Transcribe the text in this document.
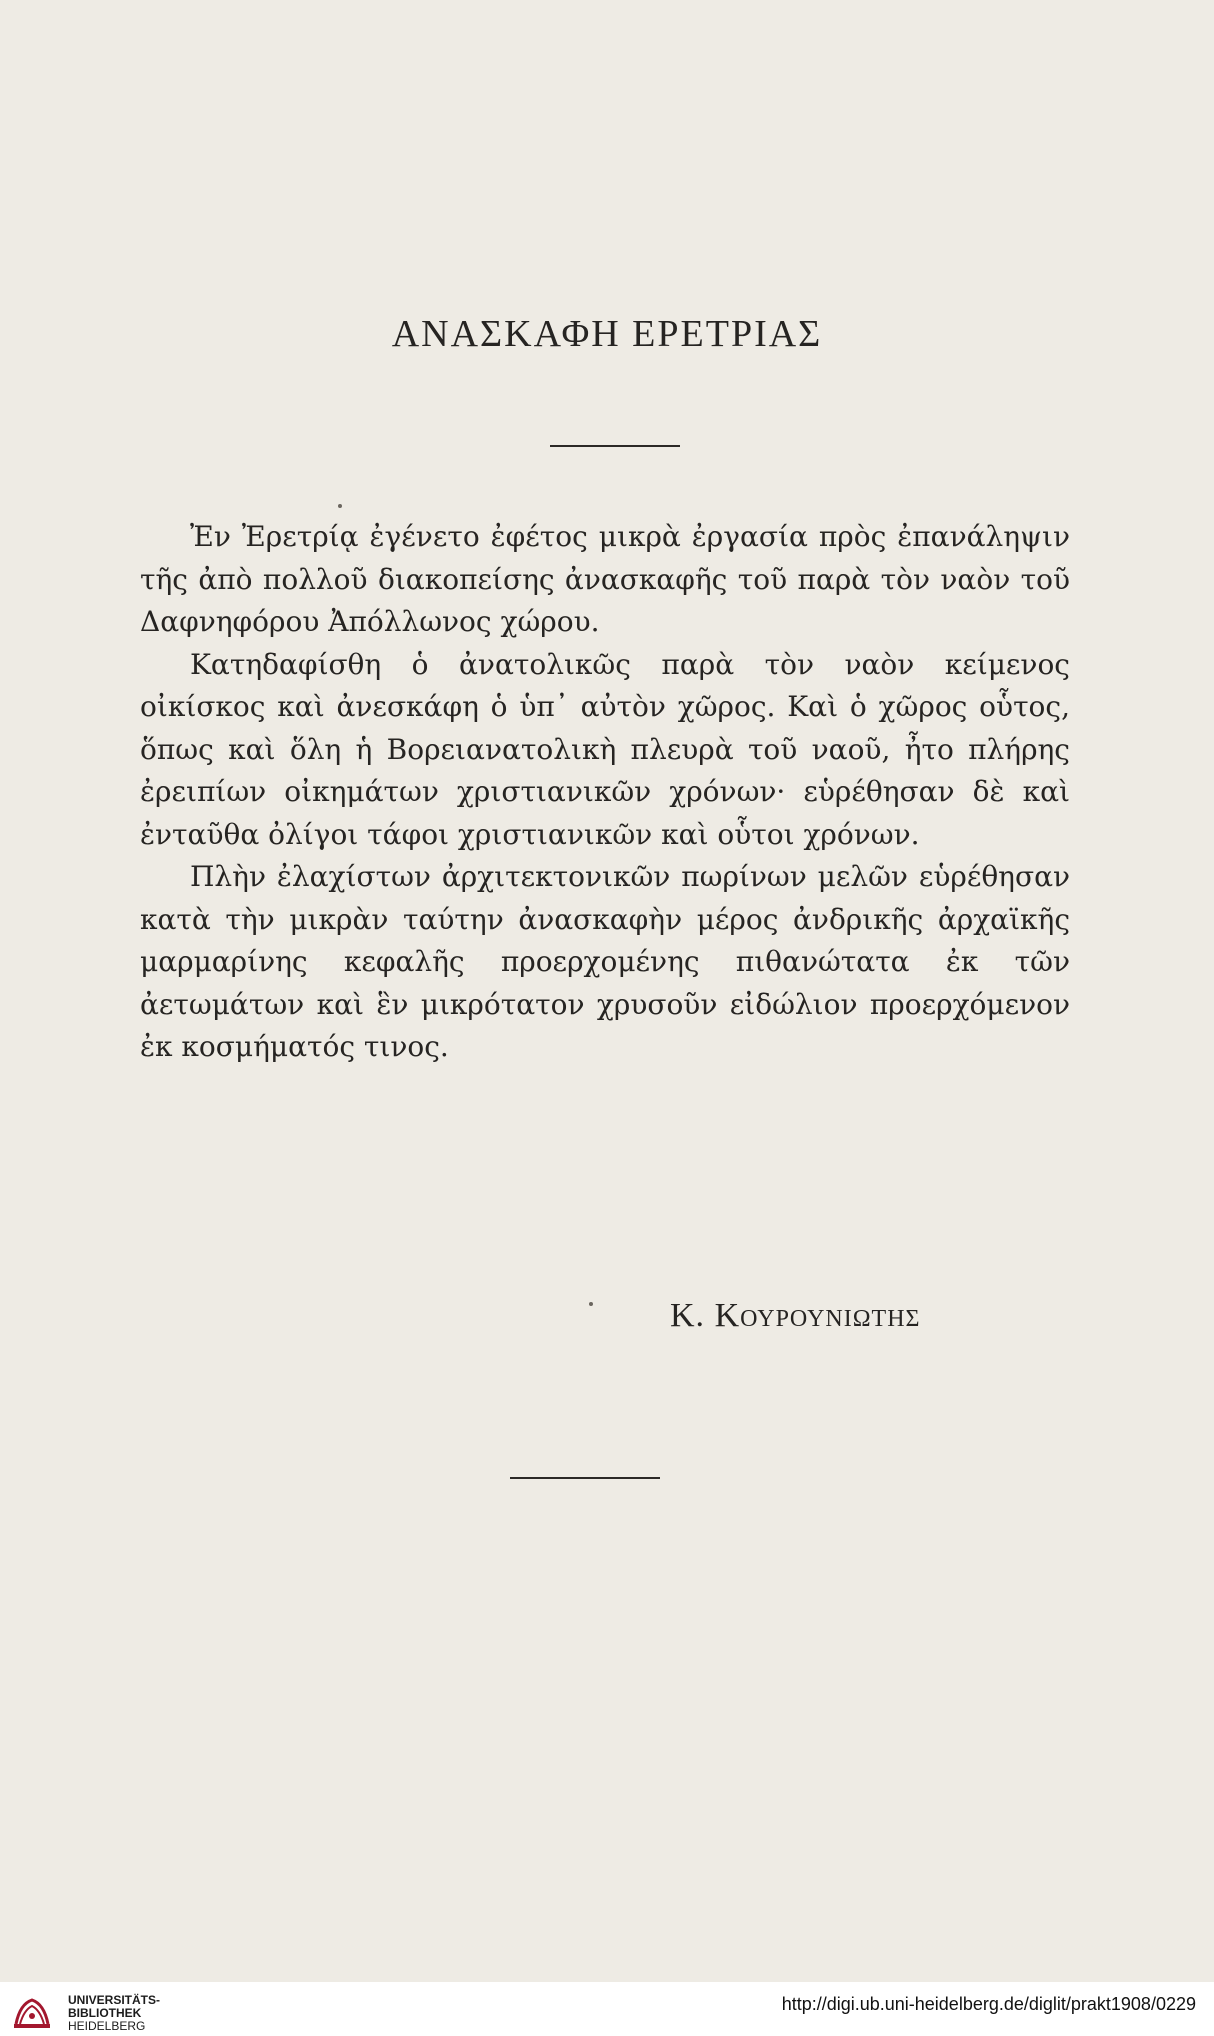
ΑΝΑΣΚΑΦΗ ΕΡΕΤΡΙΑΣ

Ἐν Ἐρετρίᾳ ἐγένετο ἐφέτος μικρὰ ἐργασία πρὸς ἐπανάληψιν τῆς ἀπὸ πολλοῦ διακοπείσης ἀνασκαφῆς τοῦ παρὰ τὸν ναὸν τοῦ Δαφνηφόρου Ἀπόλλωνος χώρου.

Κατηδαφίσθη ὁ ἀνατολικῶς παρὰ τὸν ναὸν κείμενος οἰκίσκος καὶ ἀνεσκάφη ὁ ὑπ᾽ αὐτὸν χῶρος. Καὶ ὁ χῶρος οὗτος, ὅπως καὶ ὅλη ἡ Βορειανατολικὴ πλευρὰ τοῦ ναοῦ, ἦτο πλήρης ἐρειπίων οἰκημάτων χριστιανικῶν χρόνων· εὑρέθησαν δὲ καὶ ἐνταῦθα ὀλίγοι τάφοι χριστιανικῶν καὶ οὗτοι χρόνων.

Πλὴν ἐλαχίστων ἀρχιτεκτονικῶν πωρίνων μελῶν εὑρέθησαν κατὰ τὴν μικρὰν ταύτην ἀνασκαφὴν μέρος ἀνδρικῆς ἀρχαϊκῆς μαρμαρίνης κεφαλῆς προερχομένης πιθανώτατα ἐκ τῶν ἀετωμάτων καὶ ἓν μικρότατον χρυσοῦν εἰδώλιον προερχόμενον ἐκ κοσμήματός τινος.

Κ. Κουρουνιωτης
UNIVERSITÄTS-
BIBLIOTHEK
HEIDELBERG
http://digi.ub.uni-heidelberg.de/diglit/prakt1908/0229
